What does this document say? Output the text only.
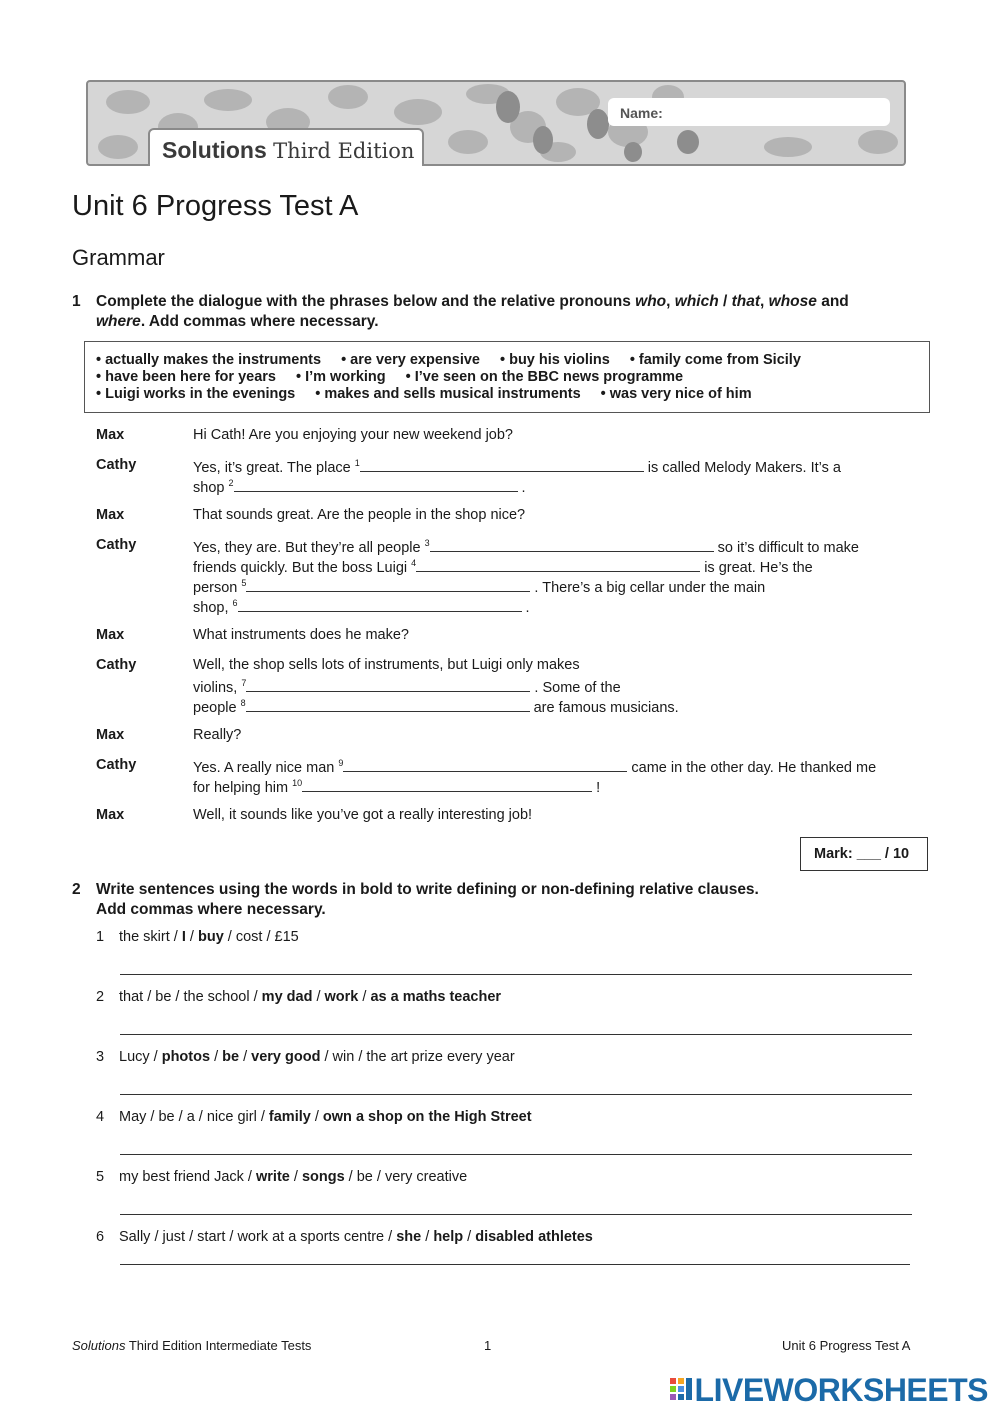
Name:
Solutions Third Edition
Unit 6 Progress Test A
Grammar
1 Complete the dialogue with the phrases below and the relative pronouns who, which / that, whose and
where. Add commas where necessary.
• actually makes the instruments • are very expensive • buy his violins • family come from Sicily
• have been here for years • I’m working • I’ve seen on the BBC news programme
• Luigi works in the evenings • makes and sells musical instruments • was very nice of him
Max	Hi Cath! Are you enjoying your new weekend job?
Cathy	Yes, it’s great. The place $^1$	is called Melody Makers. It’s a
shop $^2$	.
Max	That sounds great. Are the people in the shop nice?
Cathy	Yes, they are. But they’re all people $^3$	so it’s difficult to make
friends quickly. But the boss Luigi $^4$	is great. He’s the
person $^5$	. There’s a big cellar under the main
shop, $^6$	.
Max	What instruments does he make?
Cathy	Well, the shop sells lots of instruments, but Luigi only makes
violins, $^7$	. Some of the
people $^8$	are famous musicians.
Max	Really?
Cathy	Yes. A really nice man $^9$	came in the other day. He thanked me
for helping him $^{10}$	!
Max	Well, it sounds like you’ve got a really interesting job!
Mark: ___ / 10
2 Write sentences using the words in bold to write defining or non-defining relative clauses.
Add commas where necessary.
1 the skirt / I / buy / cost / £15
2 that / be / the school / my dad / work / as a maths teacher
3 Lucy / photos / be / very good / win / the art prize every year
4 May / be / a / nice girl / family / own a shop on the High Street
5 my best friend Jack / write / songs / be / very creative
6 Sally / just / start / work at a sports centre / she / help / disabled athletes
Solutions Third Edition Intermediate Tests	1	Unit 6 Progress Test A
LIVEWORKSHEETS
